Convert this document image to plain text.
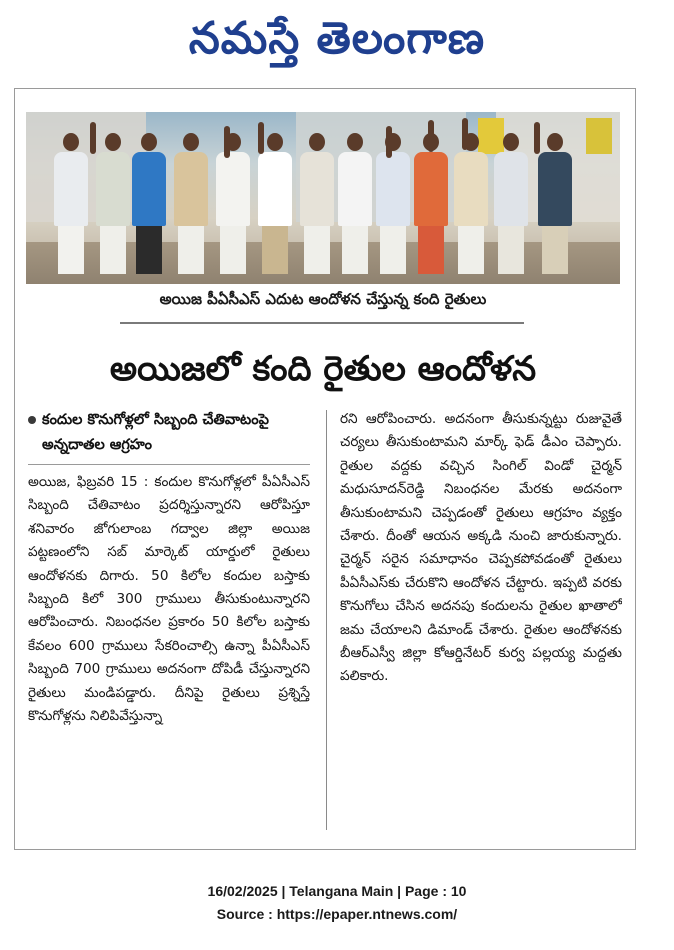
నమస్తే తెలంగాణ
అయిజ పీఏసీఎస్ ఎదుట ఆందోళన చేస్తున్న కంది రైతులు
అయిజలో కంది రైతుల ఆందోళన
కందుల కొనుగోళ్లలో సిబ్బంది చేతివాటంపై అన్నదాతల ఆగ్రహం

అయిజ, ఫిబ్రవరి 15 : కందుల కొనుగోళ్లలో పీఏసీఎస్ సిబ్బంది చేతివాటం ప్రదర్శిస్తున్నారని ఆరోపిస్తూ శనివారం జోగులాంబ గద్వాల జిల్లా అయిజ పట్టణంలోని సబ్ మార్కెట్ యార్డులో రైతులు ఆందోళనకు దిగారు. 50 కిలోల కందుల బస్తాకు సిబ్బంది కిలో 300 గ్రాములు తీసుకుంటున్నారని ఆరోపించారు. నిబంధనల ప్రకారం 50 కిలోల బస్తాకు కేవలం 600 గ్రాములు సేకరించాల్సి ఉన్నా పీఏసీఎస్ సిబ్బంది 700 గ్రాములు అదనంగా దోపిడీ చేస్తున్నారని రైతులు మండిపడ్డారు. దీనిపై రైతులు ప్రశ్నిస్తే కొనుగోళ్లను నిలిపివేస్తున్నా

రని ఆరోపించారు. అదనంగా తీసుకున్నట్టు రుజువైతే చర్యలు తీసుకుంటామని మార్క్ ఫెడ్ డీఎం చెప్పారు. రైతుల వద్దకు వచ్చిన సింగిల్ విండో చైర్మన్ మధుసూదన్‌రెడ్డి నిబంధనల మేరకు అదనంగా తీసుకుంటామని చెప్పడంతో రైతులు ఆగ్రహం వ్యక్తం చేశారు. దీంతో ఆయన అక్కడి నుంచి జారుకున్నారు. చైర్మన్ సరైన సమాధానం చెప్పకపోవడంతో రైతులు పీఏసీఎస్‌కు చేరుకొని ఆందోళన చేట్టారు. ఇప్పటి వరకు కొనుగోలు చేసిన అదనపు కందులను రైతుల ఖాతాలో జమ చేయాలని డిమాండ్ చేశారు. రైతుల ఆందోళనకు బీఆర్ఎస్వీ జిల్లా కోఆర్డినేటర్ కుర్వ పల్లయ్య మద్దతు పలికారు.

16/02/2025 | Telangana Main | Page : 10
Source : https://epaper.ntnews.com/
